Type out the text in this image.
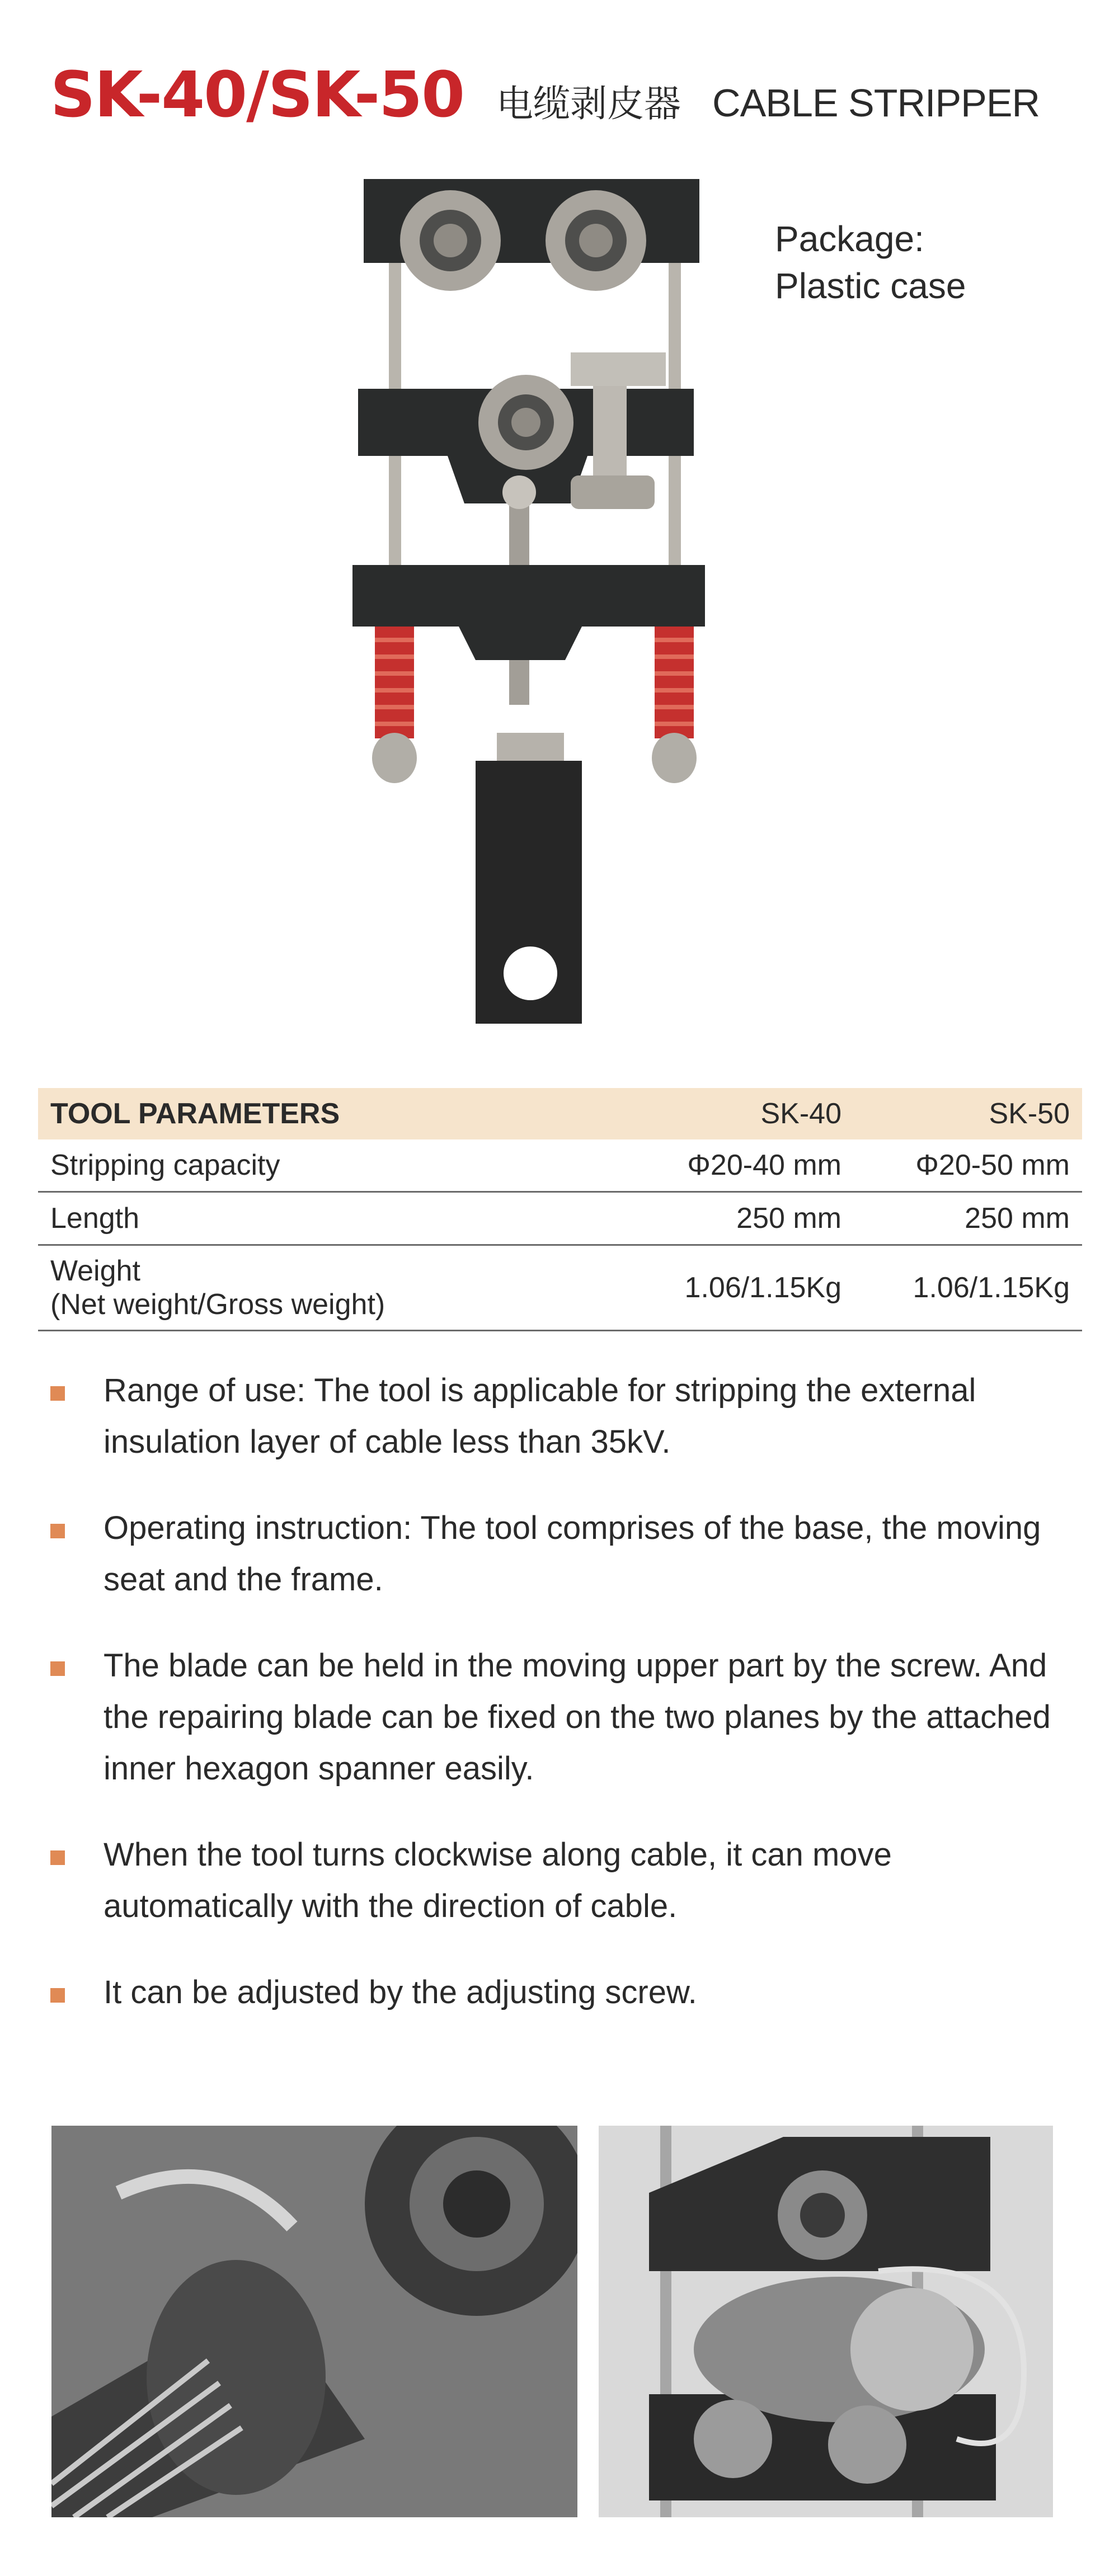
SK-40/SK-50 电缆剥皮器 CABLE STRIPPER
Package:
Plastic case
TOOL PARAMETERS	SK-40	SK-50
Stripping capacity	Φ20-40 mm	Φ20-50 mm
Length	250 mm	250 mm
Weight
(Net weight/Gross weight)	1.06/1.15Kg	1.06/1.15Kg
Range of use: The tool is applicable for stripping the external insulation layer of cable less than 35kV.
Operating instruction: The tool comprises of the base, the moving seat and the frame.
The blade can be held in the moving upper part by the screw. And the repairing blade can be fixed on the two planes by the attached inner hexagon spanner easily.
When the tool turns clockwise along cable, it can move automatically with the direction of cable.
It can be adjusted by the adjusting screw.
